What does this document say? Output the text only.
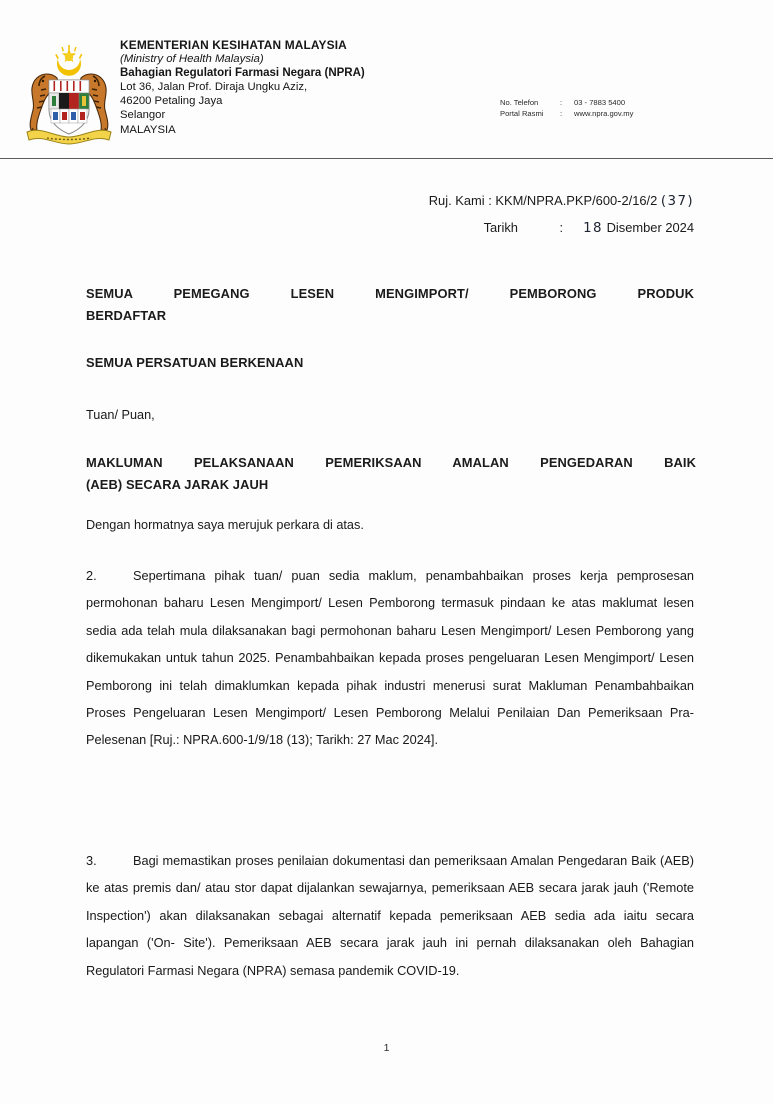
KEMENTERIAN KESIHATAN MALAYSIA
(Ministry of Health Malaysia)
Bahagian Regulatori Farmasi Negara (NPRA)
Lot 36, Jalan Prof. Diraja Ungku Aziz,
46200 Petaling Jaya
Selangor
MALAYSIA
No. Telefon	:	03 - 7883 5400
Portal Rasmi	:	www.npra.gov.my
Ruj. Kami : KKM/NPRA.PKP/600-2/16/2 (37)
Tarikh	: 18 Disember 2024
SEMUA PEMEGANG LESEN MENGIMPORT/ PEMBORONG PRODUK
BERDAFTAR
SEMUA PERSATUAN BERKENAAN
Tuan/ Puan,
MAKLUMAN PELAKSANAAN PEMERIKSAAN AMALAN PENGEDARAN BAIK
(AEB) SECARA JARAK JAUH
Dengan hormatnya saya merujuk perkara di atas.
2.	Sepertimana pihak tuan/ puan sedia maklum, penambahbaikan proses kerja pemprosesan permohonan baharu Lesen Mengimport/ Lesen Pemborong termasuk pindaan ke atas maklumat lesen sedia ada telah mula dilaksanakan bagi permohonan baharu Lesen Mengimport/ Lesen Pemborong yang dikemukakan untuk tahun 2025. Penambahbaikan kepada proses pengeluaran Lesen Mengimport/ Lesen Pemborong ini telah dimaklumkan kepada pihak industri menerusi surat Makluman Penambahbaikan Proses Pengeluaran Lesen Mengimport/ Lesen Pemborong Melalui Penilaian Dan Pemeriksaan Pra-Pelesenan [Ruj.: NPRA.600-1/9/18 (13); Tarikh: 27 Mac 2024].
3.	Bagi memastikan proses penilaian dokumentasi dan pemeriksaan Amalan Pengedaran Baik (AEB) ke atas premis dan/ atau stor dapat dijalankan sewajarnya, pemeriksaan AEB secara jarak jauh ('Remote Inspection') akan dilaksanakan sebagai alternatif kepada pemeriksaan AEB sedia ada iaitu secara lapangan ('On- Site'). Pemeriksaan AEB secara jarak jauh ini pernah dilaksanakan oleh Bahagian Regulatori Farmasi Negara (NPRA) semasa pandemik COVID-19.
1
